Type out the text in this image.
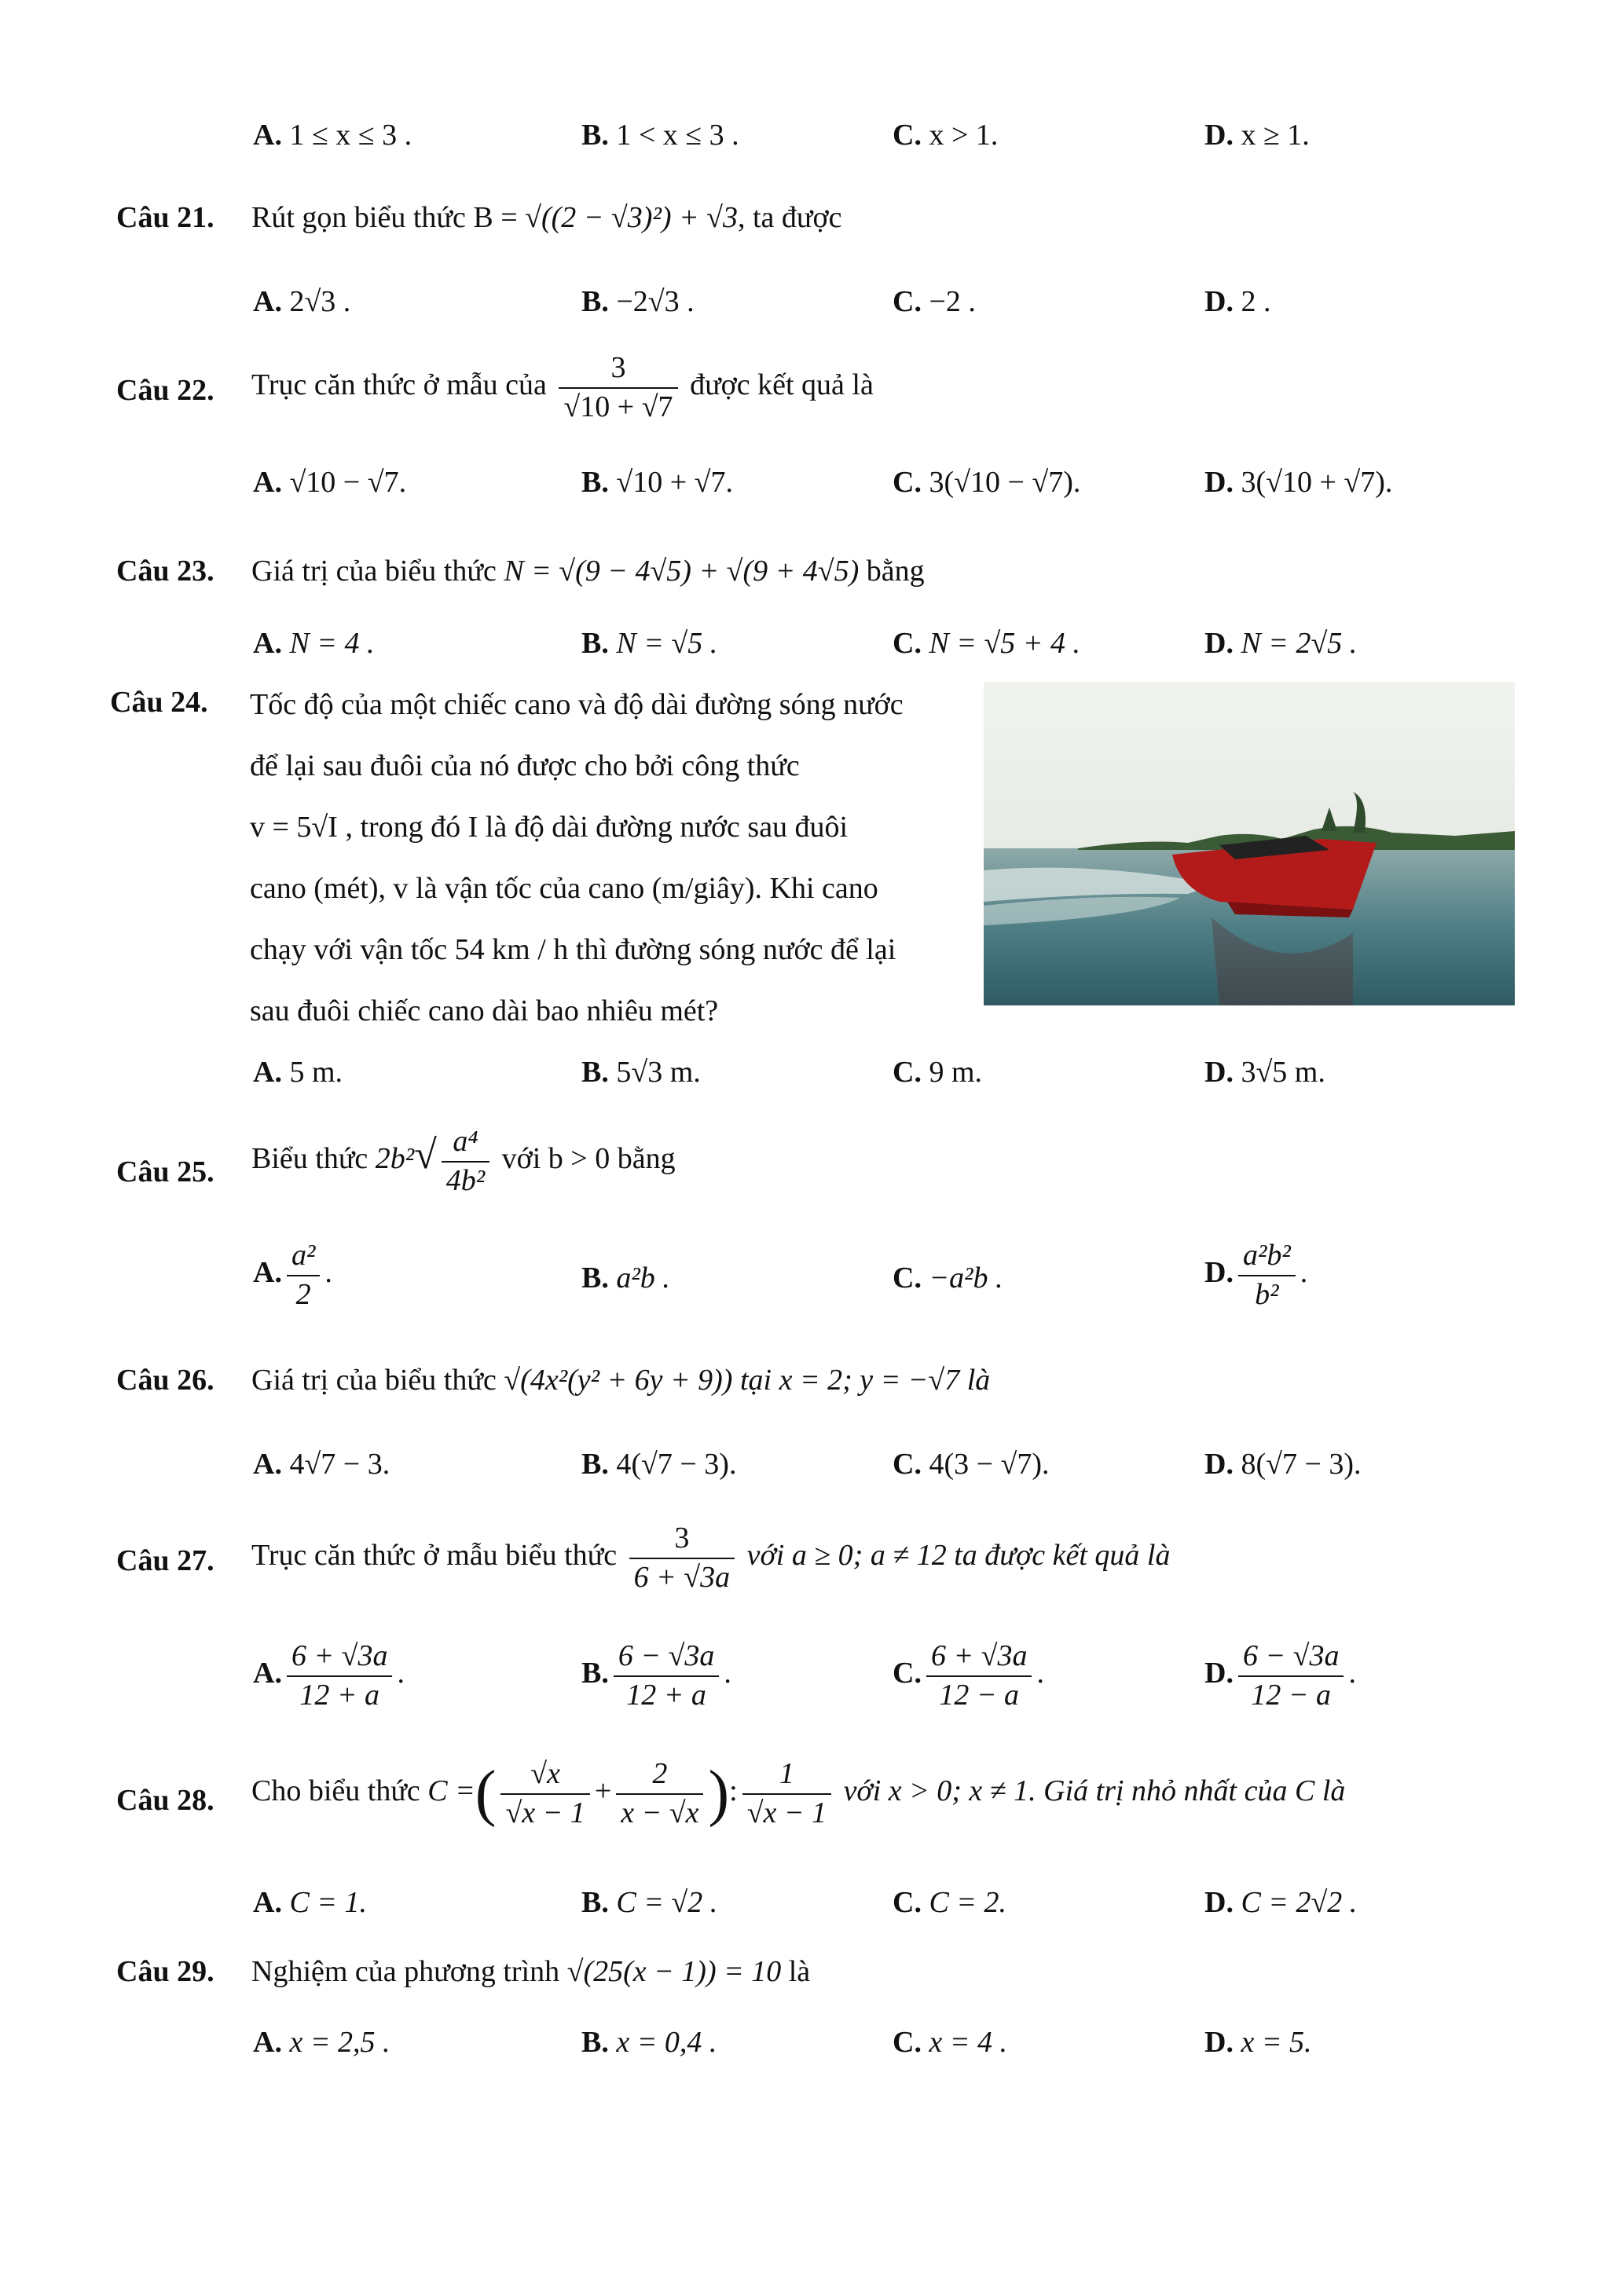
A. 1 ≤ x ≤ 3 .	B. 1 < x ≤ 3 .	C. x > 1.	D. x ≥ 1.
Câu 21. Rút gọn biểu thức B = √((2 − √3)²) + √3, ta được
A. 2√3 .	B. −2√3 .	C. −2 .	D. 2 .
Câu 22. Trục căn thức ở mẫu của $\frac{3}{√10 + √7}$ được kết quả là
A. √10 − √7.	B. √10 + √7.	C. 3(√10 − √7).	D. 3(√10 + √7).
Câu 23. Giá trị của biểu thức N = √(9 − 4√5) + √(9 + 4√5) bằng
A. N = 4 .	B. N = √5 .	C. N = √5 + 4 .	D. N = 2√5 .
Câu 24. Tốc độ của một chiếc cano và độ dài đường sóng nước
để lại sau đuôi của nó được cho bởi công thức
v = 5√I , trong đó I là độ dài đường nước sau đuôi
cano (mét), v là vận tốc của cano (m/giây). Khi cano
chạy với vận tốc 54 km / h thì đường sóng nước để lại
sau đuôi chiếc cano dài bao nhiêu mét?
A. 5 m.	B. 5√3 m.	C. 9 m.	D. 3√5 m.
Câu 25. Biểu thức $2b^2√ \frac{\text{a⁴}}{\text{4b²}}$ với b > 0 bằng
A. $\frac{\text{a²}}{2}$ .	B. a²b .	C. −a²b .	D. $\frac{\text{a²b²}}{\text{b²}}$ .
Câu 26. Giá trị của biểu thức √(4x²(y² + 6y + 9)) tại x = 2; y = −√7 là
A. 4√7 − 3.	B. 4(√7 − 3).	C. 4(3 − √7).	D. 8(√7 − 3).
Câu 27. Trục căn thức ở mẫu biểu thức $\frac{3}{6 + √3a}$ với a ≥ 0; a ≠ 12 ta được kết quả là
A. $\frac{6 + √3a}{12 + a}$ .	B. $\frac{6 - √3a}{12 + a}$ .	C. $\frac{6 + √3a}{12 - a}$ .	D. $\frac{6 - √3a}{12 - a}$ .
Câu 28. Cho biểu thức C =( $\frac{√x}{√x - 1} + \frac{2}{x - √x}$ ): $\frac{1}{√x - 1}$ với x > 0; x ≠ 1. Giá trị nhỏ nhất của C là
A. C = 1.	B. C = √2 .	C. C = 2.	D. C = 2√2 .
Câu 29. Nghiệm của phương trình √(25(x − 1)) = 10 là
A. x = 2,5 .	B. x = 0,4 .	C. x = 4 .	D. x = 5.
